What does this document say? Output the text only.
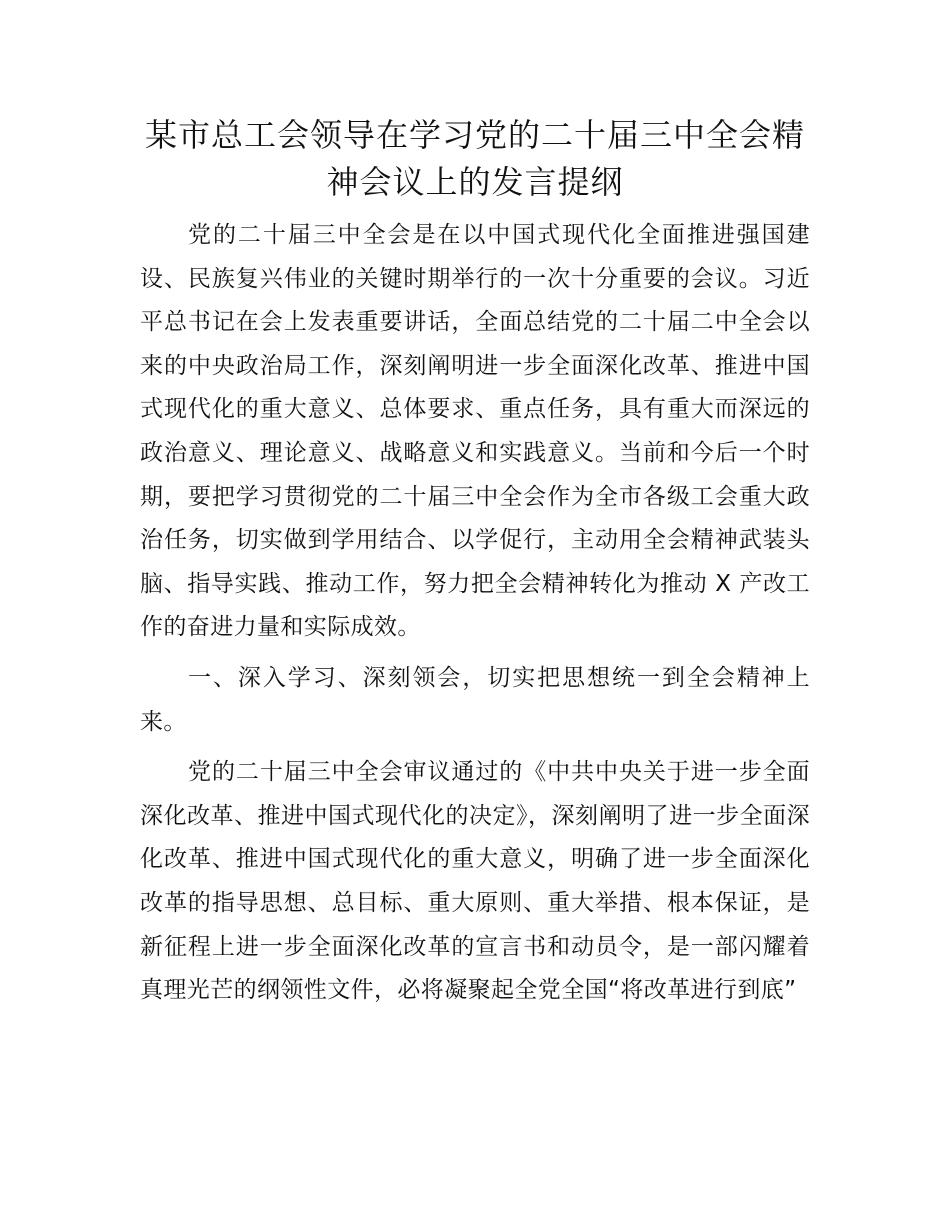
某市总工会领导在学习党的二十届三中全会精神会议上的发言提纲

党的二十届三中全会是在以中国式现代化全面推进强国建设、民族复兴伟业的关键时期举行的一次十分重要的会议。习近平总书记在会上发表重要讲话，全面总结党的二十届二中全会以来的中央政治局工作，深刻阐明进一步全面深化改革、推进中国式现代化的重大意义、总体要求、重点任务，具有重大而深远的政治意义、理论意义、战略意义和实践意义。当前和今后一个时期，要把学习贯彻党的二十届三中全会作为全市各级工会重大政治任务，切实做到学用结合、以学促行，主动用全会精神武装头脑、指导实践、推动工作，努力把全会精神转化为推动 X 产改工作的奋进力量和实际成效。

一、深入学习、深刻领会，切实把思想统一到全会精神上来。

党的二十届三中全会审议通过的《中共中央关于进一步全面深化改革、推进中国式现代化的决定》，深刻阐明了进一步全面深化改革、推进中国式现代化的重大意义，明确了进一步全面深化改革的指导思想、总目标、重大原则、重大举措、根本保证，是新征程上进一步全面深化改革的宣言书和动员令，是一部闪耀着真理光芒的纲领性文件，必将凝聚起全党全国“将改革进行到底”
